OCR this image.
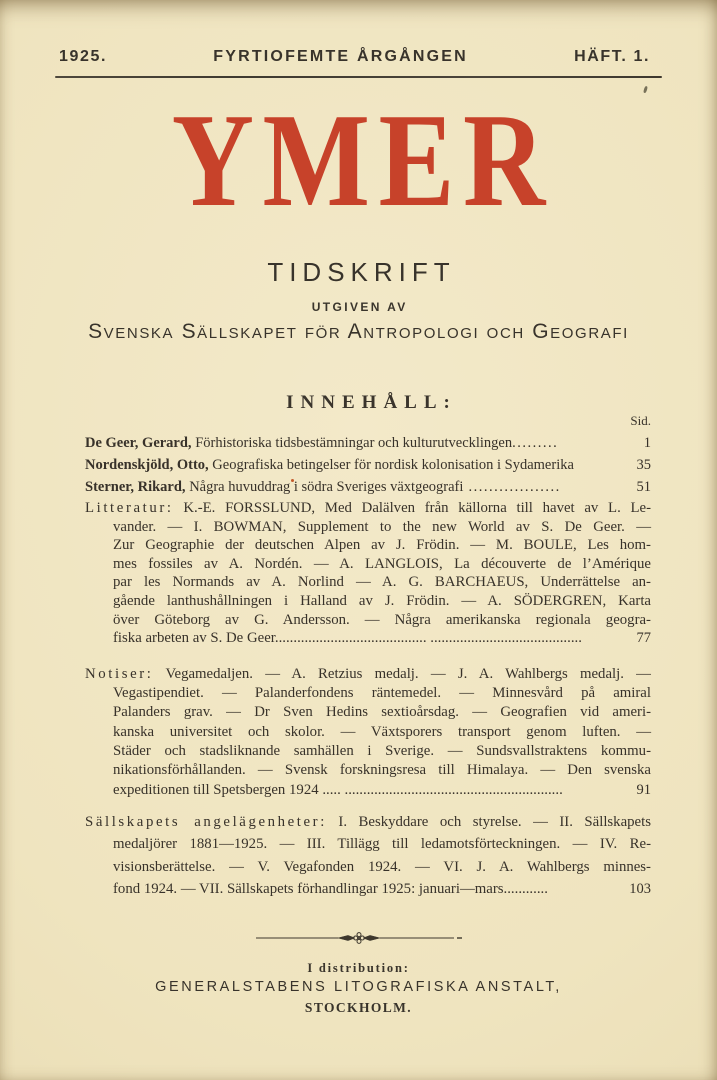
1925.	FYRTIOFEMTE ÅRGÅNGEN	HÄFT. 1.
YMER
TIDSKRIFT
UTGIVEN AV
Svenska Sällskapet för Antropologi och Geografi
INNEHÅLL:
Sid.
De Geer, Gerard, Förhistoriska tidsbestämningar och kulturutvecklingen.........	1
Nordenskjöld, Otto, Geografiska betingelser för nordisk kolonisation i Sydamerika	35
Sterner, Rikard, Några huvuddrag i södra Sveriges växtgeografi ..................	51
Litteratur: K.-E. FORSSLUND, Med Dalälven från källorna till havet av L. Le-
vander. — I. BOWMAN, Supplement to the new World av S. De Geer. —
Zur Geographie der deutschen Alpen av J. Frödin. — M. BOULE, Les hom-
mes fossiles av A. Nordén. — A. LANGLOIS, La découverte de l’Amérique
par les Normands av A. Norlind — A. G. BARCHAEUS, Underrättelse an-
gående lanthushållningen i Halland av J. Frödin. — A. SÖDERGREN, Karta
över Göteborg av G. Andersson. — Några amerikanska regionala geogra-
fiska arbeten av S. De Geer......................................... .........................................	77
Notiser: Vegamedaljen. — A. Retzius medalj. — J. A. Wahlbergs medalj. —
Vegastipendiet. — Palanderfondens räntemedel. — Minnesvård på amiral
Palanders grav. — Dr Sven Hedins sextioårsdag. — Geografien vid ameri-
kanska universitet och skolor. — Växtsporers transport genom luften. —
Städer och stadsliknande samhällen i Sverige. — Sundsvallstraktens kommu-
nikationsförhållanden. — Svensk forskningsresa till Himalaya. — Den svenska
expeditionen till Spetsbergen 1924 ..... ...........................................................	91
Sällskapets angelägenheter: I. Beskyddare och styrelse. — II. Sällskapets
medaljörer 1881—1925. — III. Tillägg till ledamotsförteckningen. — IV. Re-
visionsberättelse. — V. Vegafonden 1924. — VI. J. A. Wahlbergs minnes-
fond 1924. — VII. Sällskapets förhandlingar 1925: januari—mars............	103
I distribution:
GENERALSTABENS LITOGRAFISKA ANSTALT,
STOCKHOLM.
